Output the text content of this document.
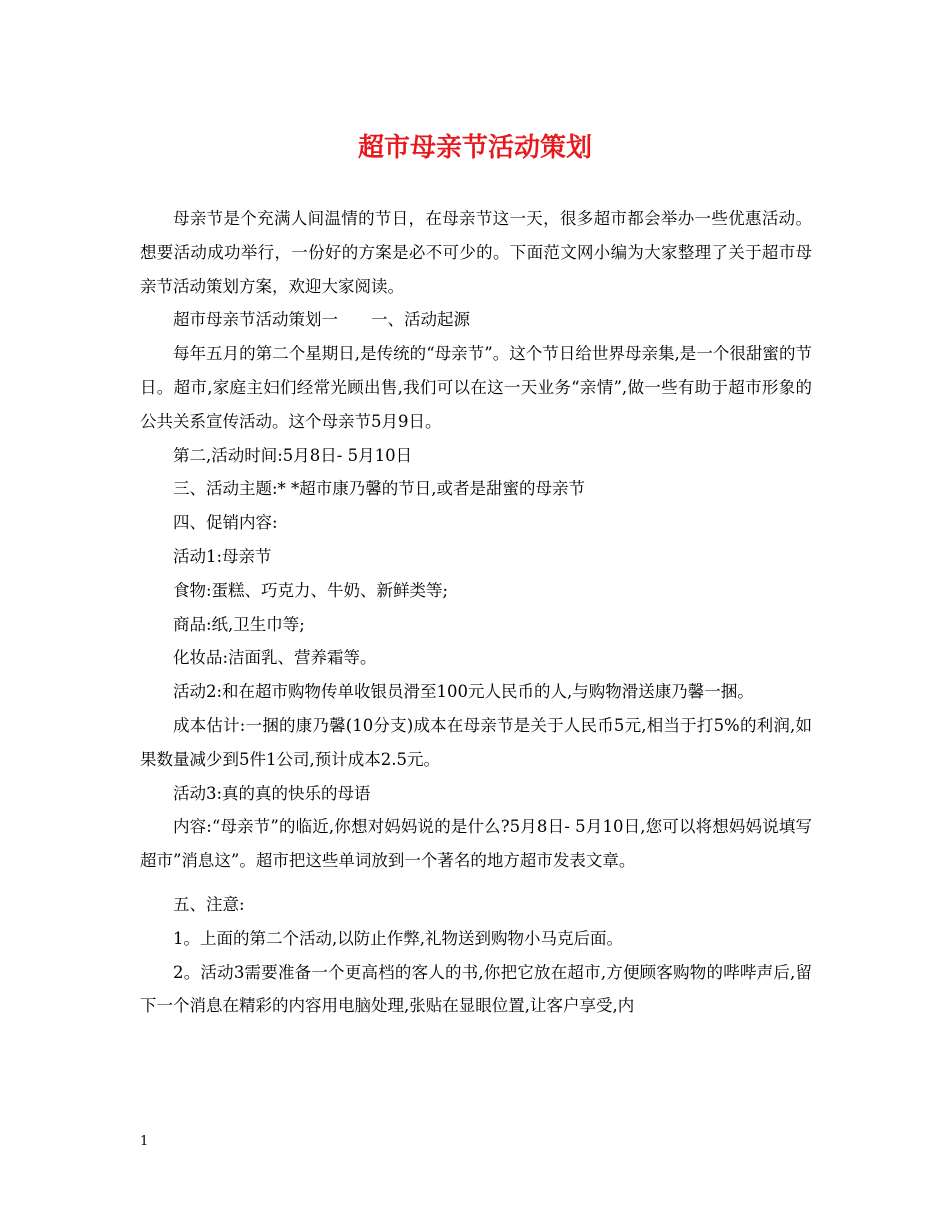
超市母亲节活动策划

母亲节是个充满人间温情的节日，在母亲节这一天，很多超市都会举办一些优惠活动。想要活动成功举行，一份好的方案是必不可少的。下面范文网小编为大家整理了关于超市母亲节活动策划方案，欢迎大家阅读。

超市母亲节活动策划一　　一、活动起源

每年五月的第二个星期日,是传统的“母亲节”。这个节日给世界母亲集,是一个很甜蜜的节日。超市,家庭主妇们经常光顾出售,我们可以在这一天业务“亲情”,做一些有助于超市形象的公共关系宣传活动。这个母亲节5月9日。

第二,活动时间:5月8日- 5月10日

三、活动主题:* *超市康乃馨的节日,或者是甜蜜的母亲节

四、促销内容:

活动1:母亲节

食物:蛋糕、巧克力、牛奶、新鲜类等;

商品:纸,卫生巾等;

化妆品:洁面乳、营养霜等。

活动2:和在超市购物传单收银员滑至100元人民币的人,与购物滑送康乃馨一捆。

成本估计:一捆的康乃馨(10分支)成本在母亲节是关于人民币5元,相当于打5%的利润,如果数量减少到5件1公司,预计成本2.5元。

活动3:真的真的快乐的母语

内容:“母亲节”的临近,你想对妈妈说的是什么?5月8日- 5月10日,您可以将想妈妈说填写超市”消息这”。超市把这些单词放到一个著名的地方超市发表文章。

五、注意:

1。上面的第二个活动,以防止作弊,礼物送到购物小马克后面。

2。活动3需要准备一个更高档的客人的书,你把它放在超市,方便顾客购物的哔哔声后,留下一个消息在精彩的内容用电脑处理,张贴在显眼位置,让客户享受,内

1
